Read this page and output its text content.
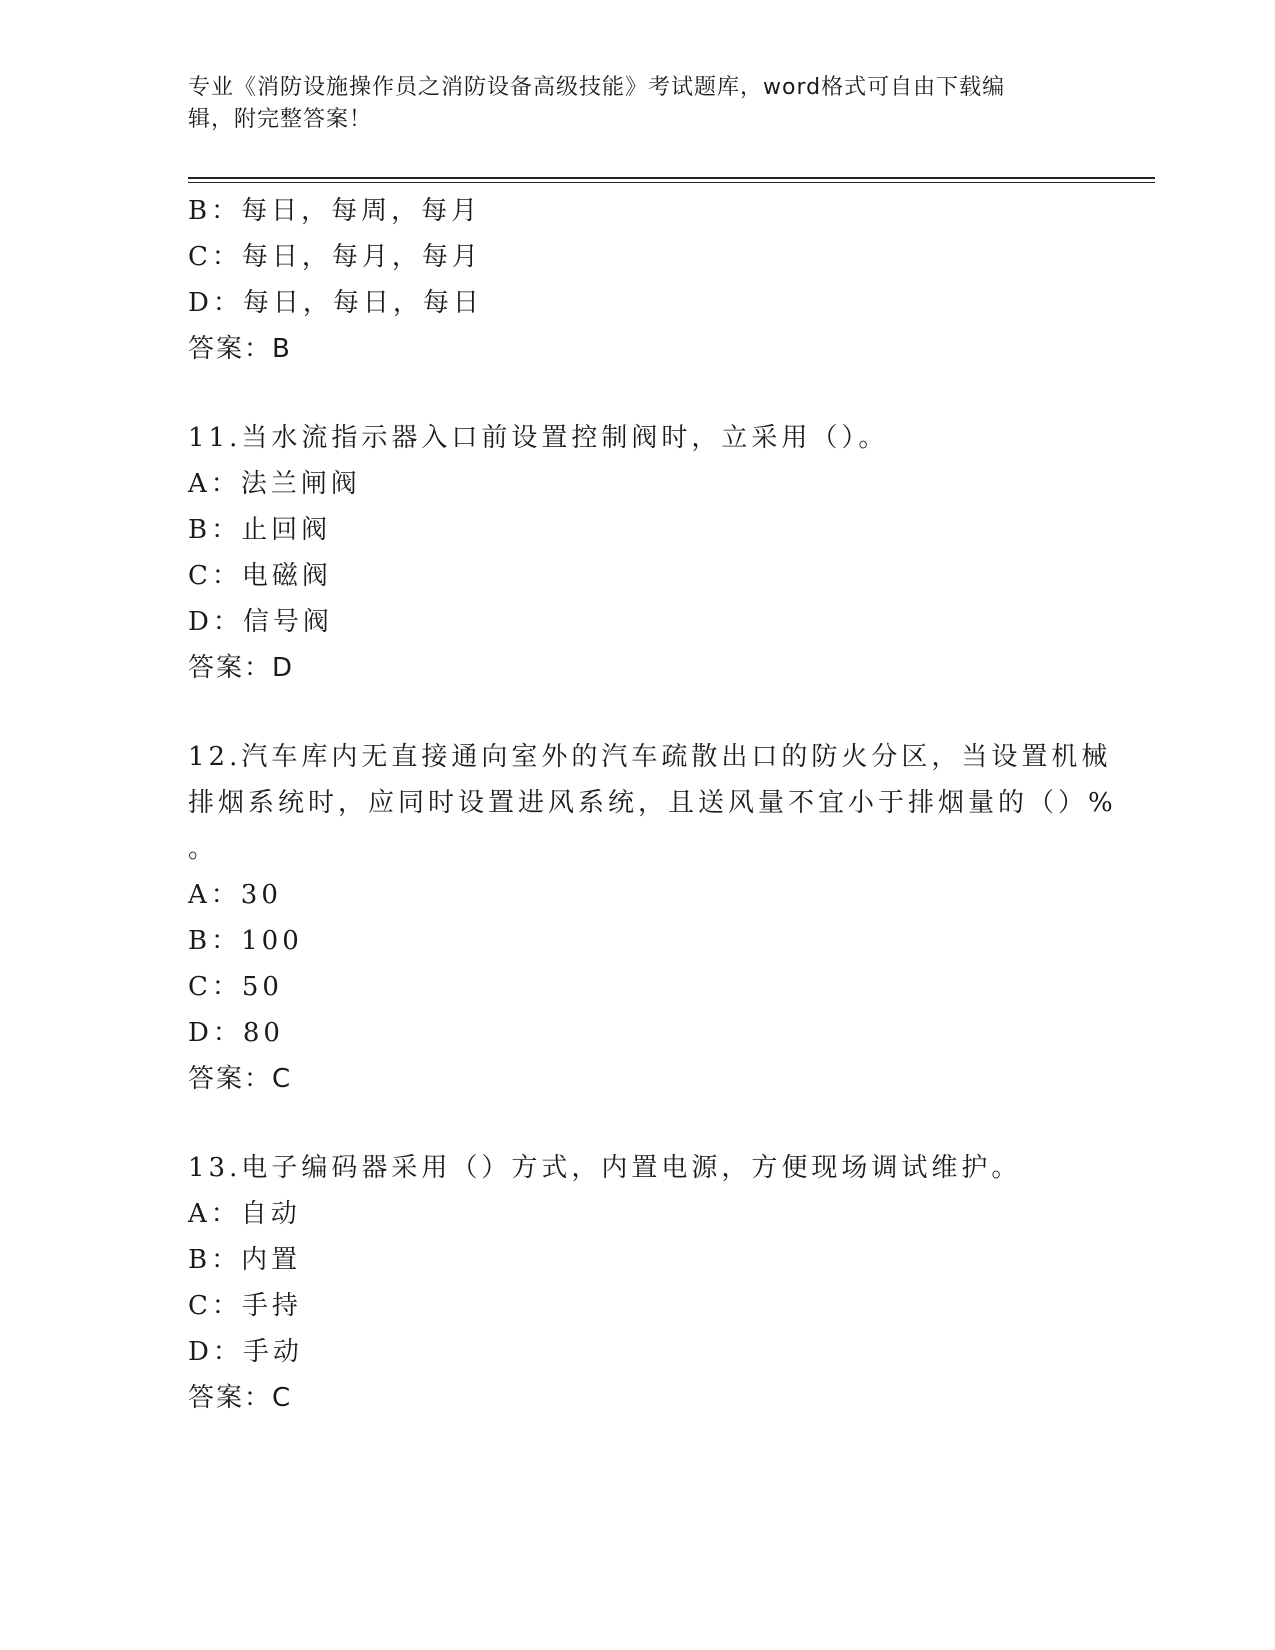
专业《消防设施操作员之消防设备高级技能》考试题库，word格式可自由下载编
辑，附完整答案！
B：每日，每周，每月
C：每日，每月，每月
D：每日，每日，每日
答案：B
11.当水流指示器入口前设置控制阀时，立采用（）。
A：法兰闸阀
B：止回阀
C：电磁阀
D：信号阀
答案：D
12.汽车库内无直接通向室外的汽车疏散出口的防火分区，当设置机械
排烟系统时，应同时设置进风系统，且送风量不宜小于排烟量的（）%
。
A：30
B：100
C：50
D：80
答案：C
13.电子编码器采用（）方式，内置电源，方便现场调试维护。
A：自动
B：内置
C：手持
D：手动
答案：C
